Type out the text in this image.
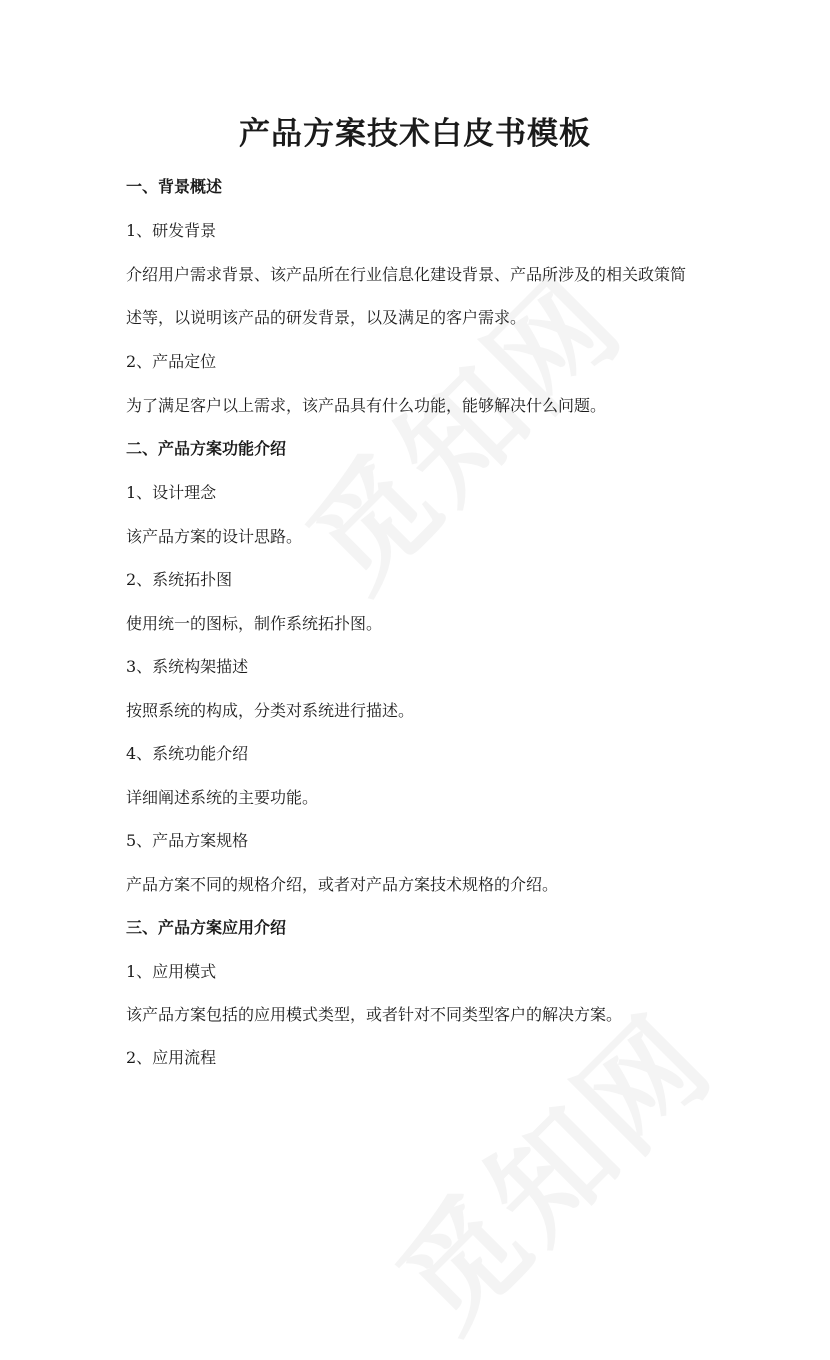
产品方案技术白皮书模板
一、背景概述
1、研发背景
介绍用户需求背景、该产品所在行业信息化建设背景、产品所涉及的相关政策简
述等，以说明该产品的研发背景，以及满足的客户需求。
2、产品定位
为了满足客户以上需求，该产品具有什么功能，能够解决什么问题。
二、产品方案功能介绍
1、设计理念
该产品方案的设计思路。
2、系统拓扑图
使用统一的图标，制作系统拓扑图。
3、系统构架描述
按照系统的构成，分类对系统进行描述。
4、系统功能介绍
详细阐述系统的主要功能。
5、产品方案规格
产品方案不同的规格介绍，或者对产品方案技术规格的介绍。
三、产品方案应用介绍
1、应用模式
该产品方案包括的应用模式类型，或者针对不同类型客户的解决方案。
2、应用流程
